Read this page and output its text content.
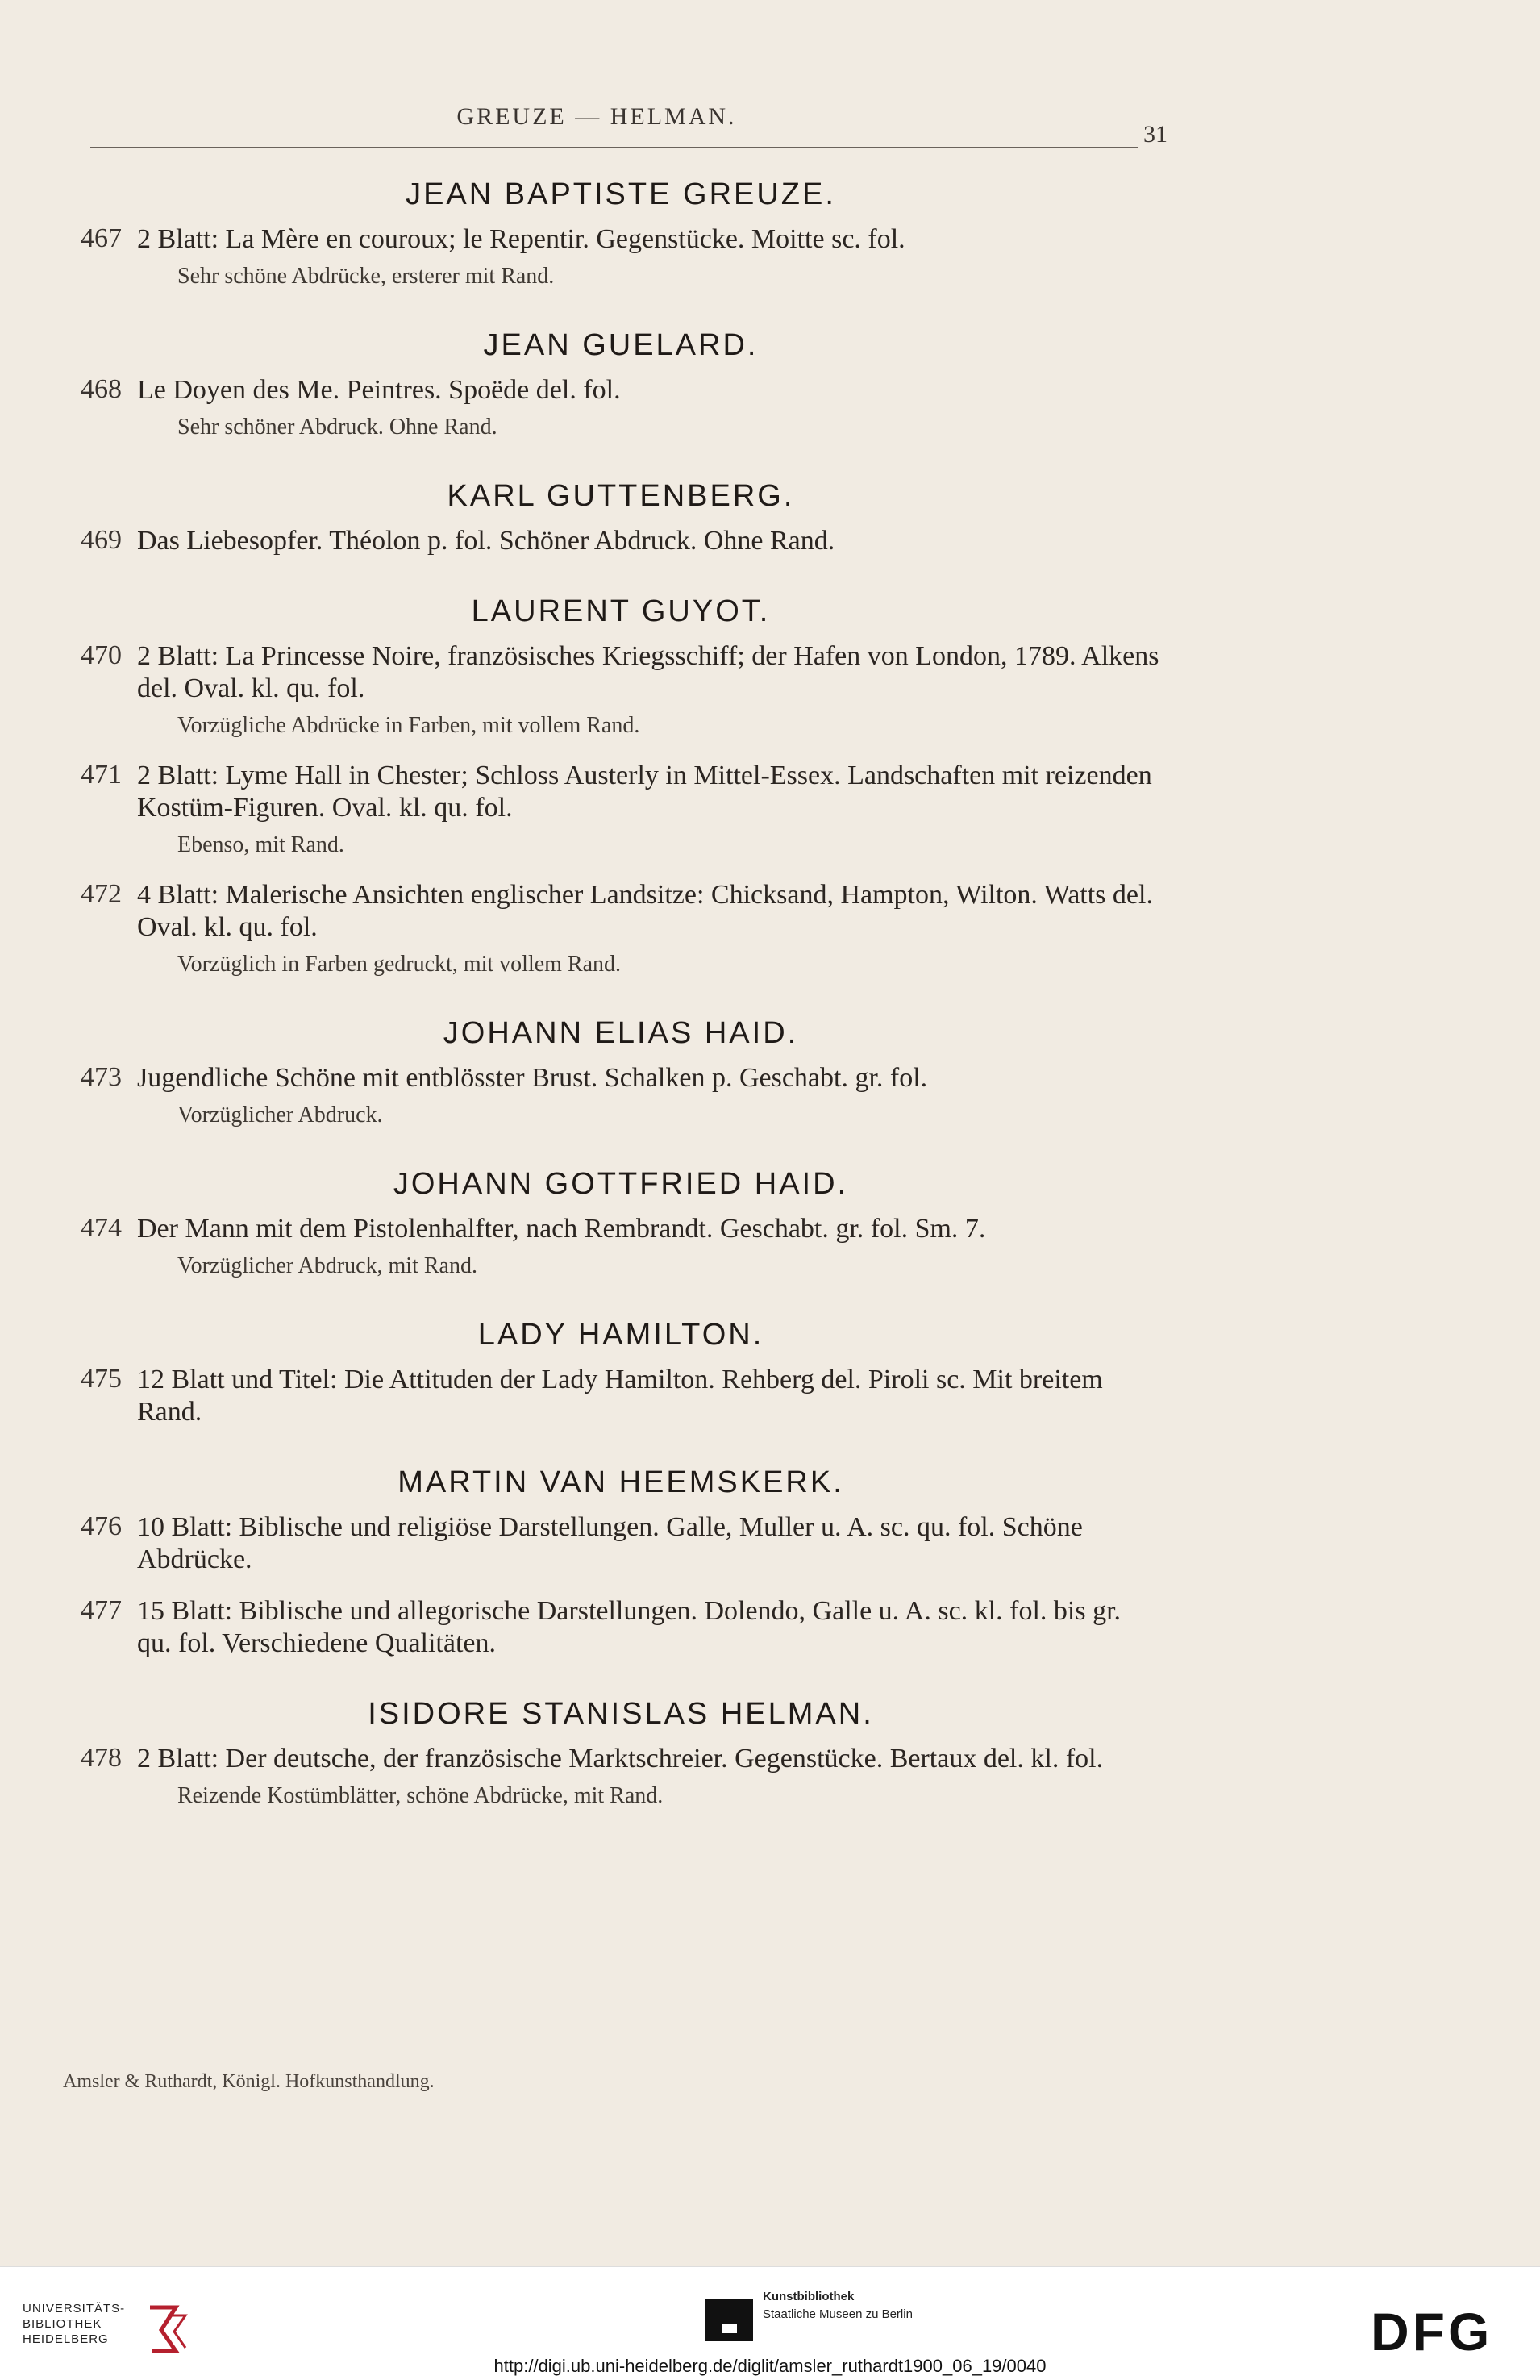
GREUZE — HELMAN.
31
JEAN BAPTISTE GREUZE.
467 2 Blatt: La Mère en couroux; le Repentir. Gegenstücke. Moitte sc. fol.
Sehr schöne Abdrücke, ersterer mit Rand.
JEAN GUELARD.
468 Le Doyen des Me. Peintres. Spoëde del. fol.
Sehr schöner Abdruck. Ohne Rand.
KARL GUTTENBERG.
469 Das Liebesopfer. Théolon p. fol. Schöner Abdruck. Ohne Rand.
LAURENT GUYOT.
470 2 Blatt: La Princesse Noire, französisches Kriegsschiff; der Hafen von London, 1789. Alkens del. Oval. kl. qu. fol.
Vorzügliche Abdrücke in Farben, mit vollem Rand.
471 2 Blatt: Lyme Hall in Chester; Schloss Austerly in Mittel-Essex. Landschaften mit reizenden Kostüm-Figuren. Oval. kl. qu. fol.
Ebenso, mit Rand.
472 4 Blatt: Malerische Ansichten englischer Landsitze: Chicksand, Hampton, Wilton. Watts del. Oval. kl. qu. fol.
Vorzüglich in Farben gedruckt, mit vollem Rand.
JOHANN ELIAS HAID.
473 Jugendliche Schöne mit entblösster Brust. Schalken p. Geschabt. gr. fol.
Vorzüglicher Abdruck.
JOHANN GOTTFRIED HAID.
474 Der Mann mit dem Pistolenhalfter, nach Rembrandt. Geschabt. gr. fol. Sm. 7.
Vorzüglicher Abdruck, mit Rand.
LADY HAMILTON.
475 12 Blatt und Titel: Die Attituden der Lady Hamilton. Rehberg del. Piroli sc. Mit breitem Rand.
MARTIN VAN HEEMSKERK.
476 10 Blatt: Biblische und religiöse Darstellungen. Galle, Muller u. A. sc. qu. fol. Schöne Abdrücke.
477 15 Blatt: Biblische und allegorische Darstellungen. Dolendo, Galle u. A. sc. kl. fol. bis gr. qu. fol. Verschiedene Qualitäten.
ISIDORE STANISLAS HELMAN.
478 2 Blatt: Der deutsche, der französische Marktschreier. Gegenstücke. Bertaux del. kl. fol.
Reizende Kostümblätter, schöne Abdrücke, mit Rand.
Amsler & Ruthardt, Königl. Hofkunsthandlung.
UNIVERSITÄTS-
BIBLIOTHEK
HEIDELBERG
Kunstbibliothek
Staatliche Museen zu Berlin	DFG
http://digi.ub.uni-heidelberg.de/diglit/amsler_ruthardt1900_06_19/0040
